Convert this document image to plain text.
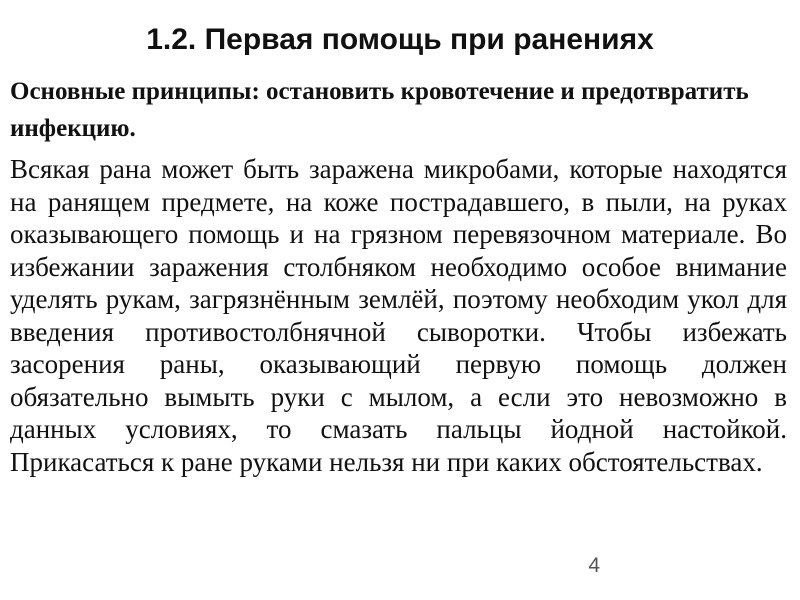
1.2. Первая помощь при ранениях

Основные принципы: остановить кровотечение и предотвратить инфекцию.

Всякая рана может быть заражена микробами, которые находятся на ранящем предмете, на коже пострадавшего, в пыли, на руках оказывающего помощь и на грязном перевязочном материале. Во избежании заражения столбняком необходимо особое внимание уделять рукам, загрязнённым землёй, поэтому необходим укол для введения противостолбнячной сыворотки. Чтобы избежать засорения раны, оказывающий первую помощь должен обязательно вымыть руки с мылом, а если это невозможно в данных условиях, то смазать пальцы йодной настойкой. Прикасаться к ране руками нельзя ни при каких обстоятельствах.

4
